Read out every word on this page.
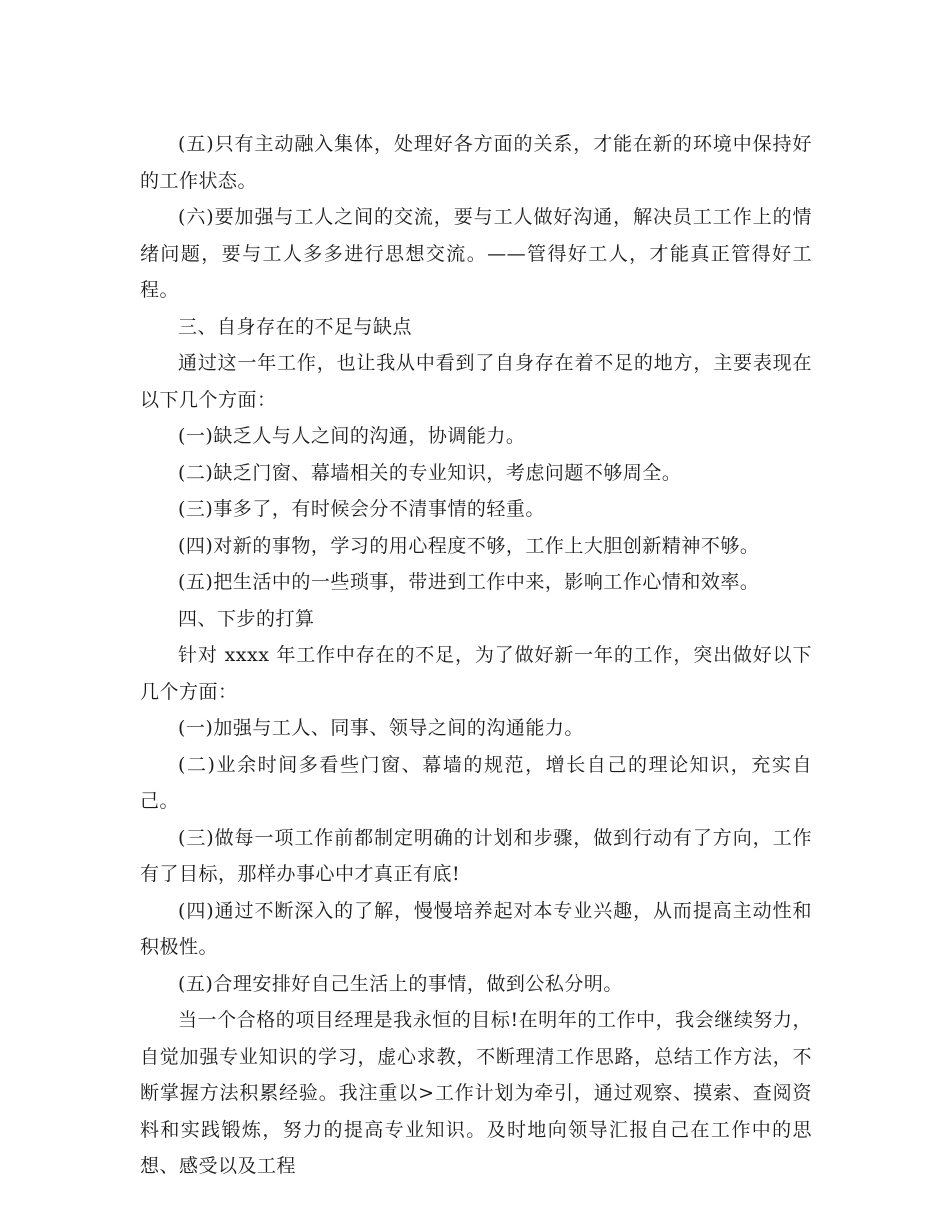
(五)只有主动融入集体，处理好各方面的关系，才能在新的环境中保持好的工作状态。

(六)要加强与工人之间的交流，要与工人做好沟通，解决员工工作上的情绪问题，要与工人多多进行思想交流。——管得好工人，才能真正管得好工程。

三、自身存在的不足与缺点

通过这一年工作，也让我从中看到了自身存在着不足的地方，主要表现在以下几个方面：

(一)缺乏人与人之间的沟通，协调能力。

(二)缺乏门窗、幕墙相关的专业知识，考虑问题不够周全。

(三)事多了，有时候会分不清事情的轻重。

(四)对新的事物，学习的用心程度不够，工作上大胆创新精神不够。

(五)把生活中的一些琐事，带进到工作中来，影响工作心情和效率。

四、下步的打算

针对 xxxx 年工作中存在的不足，为了做好新一年的工作，突出做好以下几个方面：

(一)加强与工人、同事、领导之间的沟通能力。

(二)业余时间多看些门窗、幕墙的规范，增长自己的理论知识，充实自己。

(三)做每一项工作前都制定明确的计划和步骤，做到行动有了方向，工作有了目标，那样办事心中才真正有底!

(四)通过不断深入的了解，慢慢培养起对本专业兴趣，从而提高主动性和积极性。

(五)合理安排好自己生活上的事情，做到公私分明。

当一个合格的项目经理是我永恒的目标!在明年的工作中，我会继续努力，自觉加强专业知识的学习，虚心求教，不断理清工作思路，总结工作方法，不断掌握方法积累经验。我注重以>工作计划为牵引，通过观察、摸索、查阅资料和实践锻炼，努力的提高专业知识。及时地向领导汇报自己在工作中的思想、感受以及工程
